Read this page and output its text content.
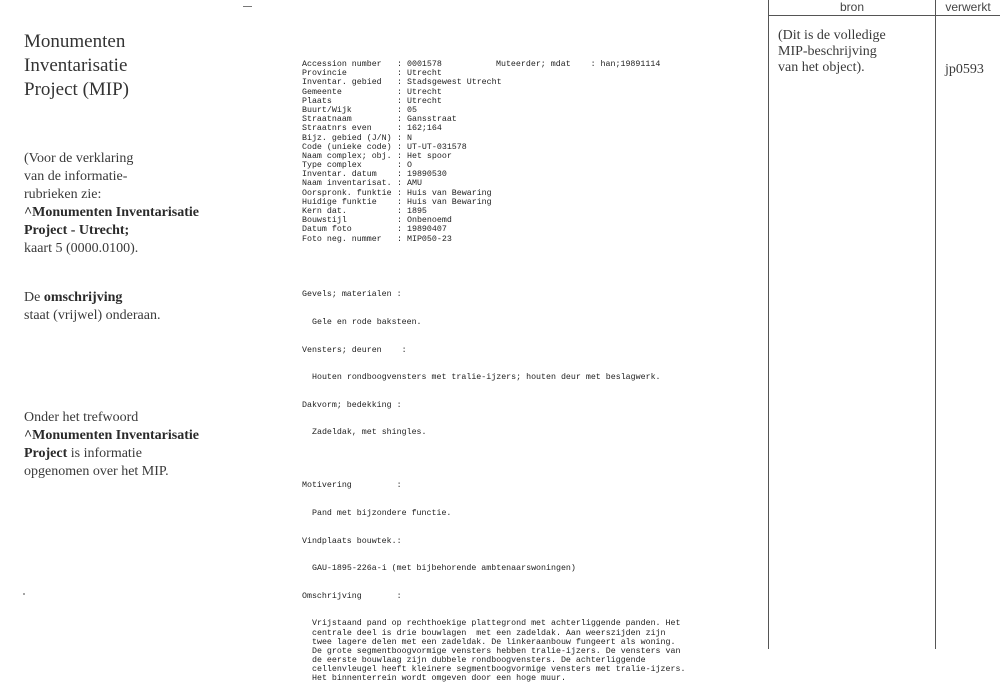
Monumenten
Inventarisatie
Project (MIP)
(Voor de verklaring
van de informatie-
rubrieken zie:
^Monumenten Inventarisatie
Project - Utrecht;
kaart 5 (0000.0100).
De omschrijving
staat (vrijwel) onderaan.
Onder het trefwoord
^Monumenten Inventarisatie
Project is informatie
opgenomen over het MIP.
Accession number : 0001578
Provincie	: Utrecht
Inventar. gebied : Stadsgewest Utrecht
Gemeente	: Utrecht
Plaats	: Utrecht
Buurt/Wijk	: 05
Straatnaam	: Gansstraat
Straatnrs even	: 162;164
Bijz. gebied (J/N) : N
Code (unieke code) : UT-UT-031578
Naam complex; obj. : Het spoor
Type complex	: O
Inventar. datum : 19890530
Naam inventarisat. : AMU
Oorspronk. funktie : Huis van Bewaring
Huidige funktie : Huis van Bewaring
Kern dat.	: 1895
Bouwstijl	: Onbenoemd
Datum foto	: 19890407
Foto neg. nummer : MIP050-23
Muteerder; mdat    : han;19891114

Gevels; materialen :

Gele en rode baksteen.

Vensters; deuren    :

Houten rondboogvensters met tralie-ijzers; houten deur met beslagwerk.

Dakvorm; bedekking :

Zadeldak, met shingles.

Motivering         :

Pand met bijzondere functie.

Vindplaats bouwtek.:

GAU-1895-226a-i (met bijbehorende ambtenaarswoningen)

Omschrijving       :

Vrijstaand pand op rechthoekige plattegrond met achterliggende panden. Het
centrale deel is drie bouwlagen  met een zadeldak. Aan weerszijden zijn
twee lagere delen met een zadeldak. De linkeraanbouw fungeert als woning.
De grote segmentboogvormige vensters hebben tralie-ijzers. De vensters van
de eerste bouwlaag zijn dubbele rondboogvensters. De achterliggende
cellenvleugel heeft kleinere segmentboogvormige vensters met tralie-ijzers.
Het binnenterrein wordt omgeven door een hoge muur.

bron	verwerkt
(Dit is de volledige
MIP-beschrijving
van het object).	jp0593
